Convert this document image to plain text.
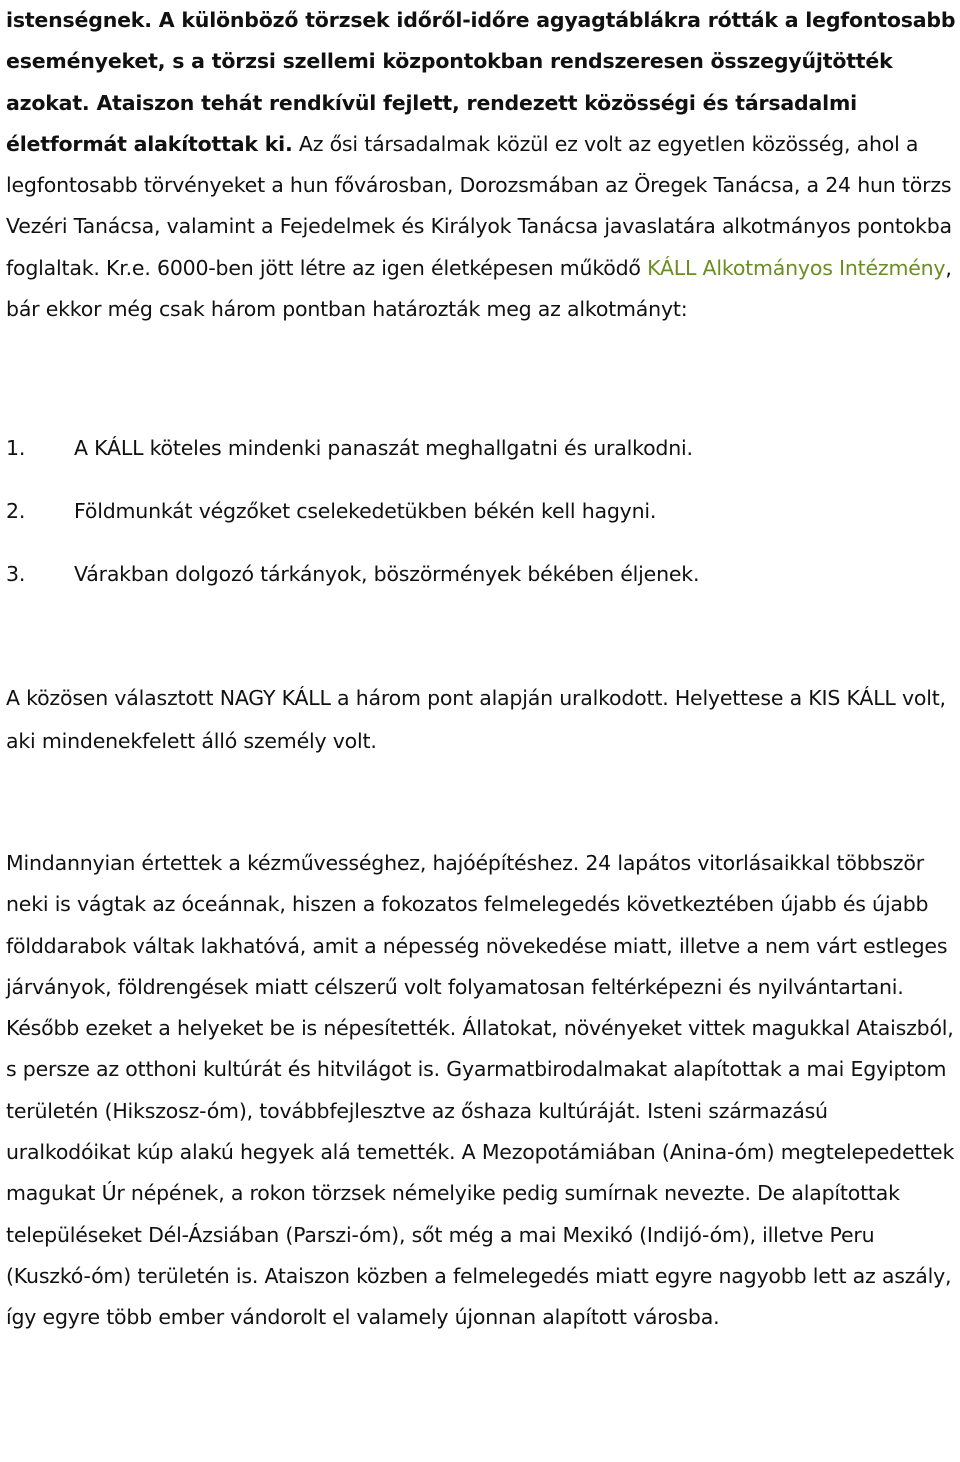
istenségnek. A különböző törzsek időről-időre agyagtáblákra rótták a legfontosabb eseményeket, s a törzsi szellemi központokban rendszeresen összegyűjtötték azokat. Ataiszon tehát rendkívül fejlett, rendezett közösségi és társadalmi életformát alakítottak ki. Az ősi társadalmak közül ez volt az egyetlen közösség, ahol a legfontosabb törvényeket a hun fővárosban, Dorozsmában az Öregek Tanácsa, a 24 hun törzs Vezéri Tanácsa, valamint a Fejedelmek és Királyok Tanácsa javaslatára alkotmányos pontokba foglaltak. Kr.e. 6000-ben jött létre az igen életképesen működő KÁLL Alkotmányos Intézmény, bár ekkor még csak három pontban határozták meg az alkotmányt:

1.	A KÁLL köteles mindenki panaszát meghallgatni és uralkodni.
2.	Földmunkát végzőket cselekedetükben békén kell hagyni.
3.	Várakban dolgozó tárkányok, böszörmények békében éljenek.

A közösen választott NAGY KÁLL a három pont alapján uralkodott. Helyettese a KIS KÁLL volt, aki mindenekfelett álló személy volt.

Mindannyian értettek a kézművességhez, hajóépítéshez. 24 lapátos vitorlásaikkal többször neki is vágtak az óceánnak, hiszen a fokozatos felmelegedés következtében újabb és újabb földdarabok váltak lakhatóvá, amit a népesség növekedése miatt, illetve a nem várt estleges járványok, földrengések miatt célszerű volt folyamatosan feltérképezni és nyilvántartani. Később ezeket a helyeket be is népesítették. Állatokat, növényeket vittek magukkal Ataiszból, s persze az otthoni kultúrát és hitvilágot is. Gyarmatbirodalmakat alapítottak a mai Egyiptom területén (Hikszosz-óm), továbbfejlesztve az őshaza kultúráját. Isteni származású uralkodóikat kúp alakú hegyek alá temették. A Mezopotámiában (Anina-óm) megtelepedettek magukat Úr népének, a rokon törzsek némelyike pedig sumírnak nevezte. De alapítottak településeket Dél-Ázsiában (Parszi-óm), sőt még a mai Mexikó (Indijó-óm), illetve Peru (Kuszkó-óm) területén is. Ataiszon közben a felmelegedés miatt egyre nagyobb lett az aszály, így egyre több ember vándorolt el valamely újonnan alapított városba.
